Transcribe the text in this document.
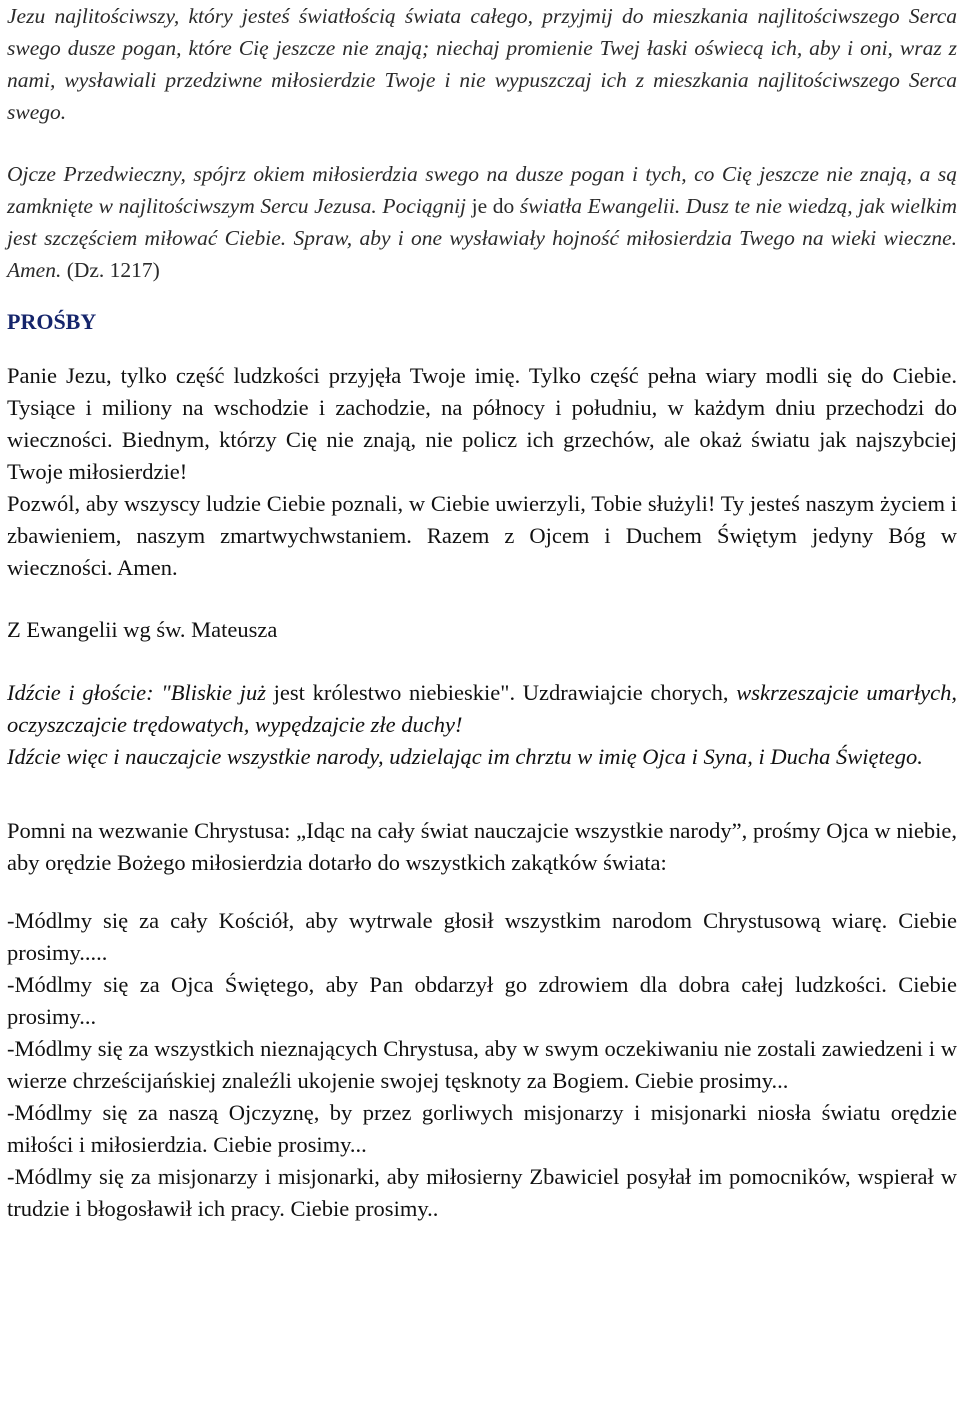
Jezu najlitościwszy, który jesteś światłością świata całego, przyjmij do mieszkania najlitościwszego Serca swego dusze pogan, które Cię jeszcze nie znają; niechaj promienie Twej łaski oświecą ich, aby i oni, wraz z nami, wysławiali przedziwne miłosierdzie Twoje i nie wypuszczaj ich z mieszkania najlitościwszego Serca swego.

Ojcze Przedwieczny, spójrz okiem miłosierdzia swego na dusze pogan i tych, co Cię jeszcze nie znają, a są zamknięte w najlitościwszym Sercu Jezusa. Pociągnij je do światła Ewangelii. Dusz te nie wiedzą, jak wielkim jest szczęściem miłować Ciebie. Spraw, aby i one wysławiały hojność miłosierdzia Twego na wieki wieczne. Amen. (Dz. 1217)

PROŚBY

Panie Jezu, tylko część ludzkości przyjęła Twoje imię. Tylko część pełna wiary modli się do Ciebie. Tysiące i miliony na wschodzie i zachodzie, na północy i południu, w każdym dniu przechodzi do wieczności. Biednym, którzy Cię nie znają, nie policz ich grzechów, ale okaż światu jak najszybciej Twoje miłosierdzie!

Pozwól, aby wszyscy ludzie Ciebie poznali, w Ciebie uwierzyli, Tobie służyli! Ty jesteś naszym życiem i zbawieniem, naszym zmartwychwstaniem. Razem z Ojcem i Duchem Świętym jedyny Bóg w wieczności. Amen.

Z Ewangelii wg św. Mateusza

Idźcie i głoście: "Bliskie już jest królestwo niebieskie". Uzdrawiajcie chorych, wskrzeszajcie umarłych, oczyszczajcie trędowatych, wypędzajcie złe duchy!

Idźcie więc i nauczajcie wszystkie narody, udzielając im chrztu w imię Ojca i Syna, i Ducha Świętego.

Pomni na wezwanie Chrystusa: „Idąc na cały świat nauczajcie wszystkie narody”, prośmy Ojca w niebie, aby orędzie Bożego miłosierdzia dotarło do wszystkich zakątków świata:

-Módlmy się za cały Kościół, aby wytrwale głosił wszystkim narodom Chrystusową wiarę. Ciebie prosimy.....

-Módlmy się za Ojca Świętego, aby Pan obdarzył go zdrowiem dla dobra całej ludzkości. Ciebie prosimy...

-Módlmy się za wszystkich nieznających Chrystusa, aby w swym oczekiwaniu nie zostali zawiedzeni i w wierze chrześcijańskiej znaleźli ukojenie swojej tęsknoty za Bogiem. Ciebie prosimy...

-Módlmy się za naszą Ojczyznę, by przez gorliwych misjonarzy i misjonarki niosła światu orędzie miłości i miłosierdzia. Ciebie prosimy...

-Módlmy się za misjonarzy i misjonarki, aby miłosierny Zbawiciel posyłał im pomocników, wspierał w trudzie i błogosławił ich pracy. Ciebie prosimy..
